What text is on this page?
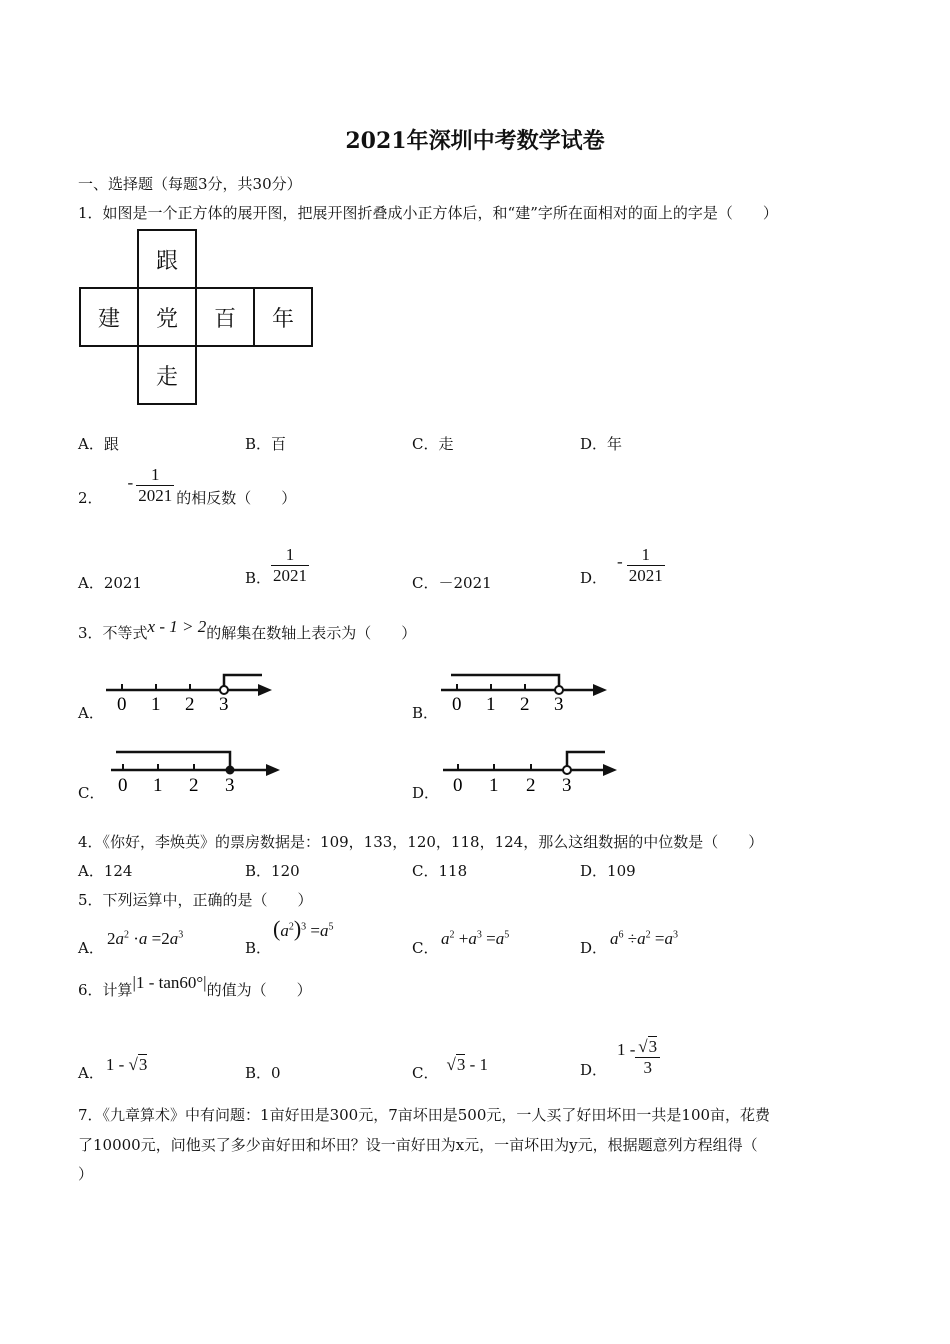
2021年深圳中考数学试卷
一、选择题（每题3分，共30分）
1．如图是一个正方体的展开图，把展开图折叠成小正方体后，和“建”字所在面相对的面上的字是（　　）
跟
建	党	百	年
走
A．跟	B．百	C．走	D．年
2．
- $\frac{1}{2021}$ 的相反数（　　）
A．2021	B． $\frac{1}{2021}$	C．－2021	D．
- $\frac{1}{2021}$
3．不等式x - 1 > 2的解集在数轴上表示为（　　）
A．	B．
C．	D．
0 1 2 3	0 1 2 3
0 1 2 3	0 1 2 3
4．《你好，李焕英》的票房数据是：109，133，120，118，124，那么这组数据的中位数是（　　）
A．124	B．120	C．118	D．109
5．下列运算中，正确的是（　　）
A． $2a^2 \cdot a =2a^3$
B．
$(a^2)^3 =a^5$
C． $a^2 +a^3 =a^5$
D． $a^6 \div a^2 =a^3$
6．计算|1 - tan60°|的值为（　　）
A． 1 - √3	B．0	C． √3 - 1	D．
$1 - \frac{√3}{3}$
7．《九章算术》中有问题：1亩好田是300元，7亩坏田是500元，一人买了好田坏田一共是100亩，花费
了10000元，问他买了多少亩好田和坏田？设一亩好田为x元，一亩坏田为y元，根据题意列方程组得（
）
